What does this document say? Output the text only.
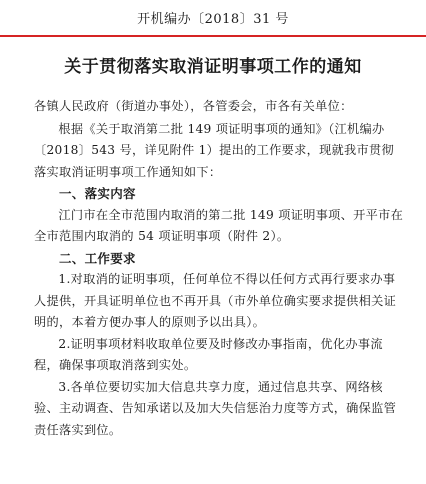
开机编办〔2018〕31 号
关于贯彻落实取消证明事项工作的通知

各镇人民政府（街道办事处），各管委会，市各有关单位：

根据《关于取消第二批 149 项证明事项的通知》（江机编办〔2018〕543 号，详见附件 1）提出的工作要求，现就我市贯彻落实取消证明事项工作通知如下：

一、落实内容

江门市在全市范围内取消的第二批 149 项证明事项、开平市在全市范围内取消的 54 项证明事项（附件 2）。

二、工作要求

1.对取消的证明事项，任何单位不得以任何方式再行要求办事人提供，开具证明单位也不再开具（市外单位确实要求提供相关证明的，本着方便办事人的原则予以出具）。

2.证明事项材料收取单位要及时修改办事指南，优化办事流程，确保事项取消落到实处。

3.各单位要切实加大信息共享力度，通过信息共享、网络核验、主动调查、告知承诺以及加大失信惩治力度等方式，确保监管责任落实到位。
